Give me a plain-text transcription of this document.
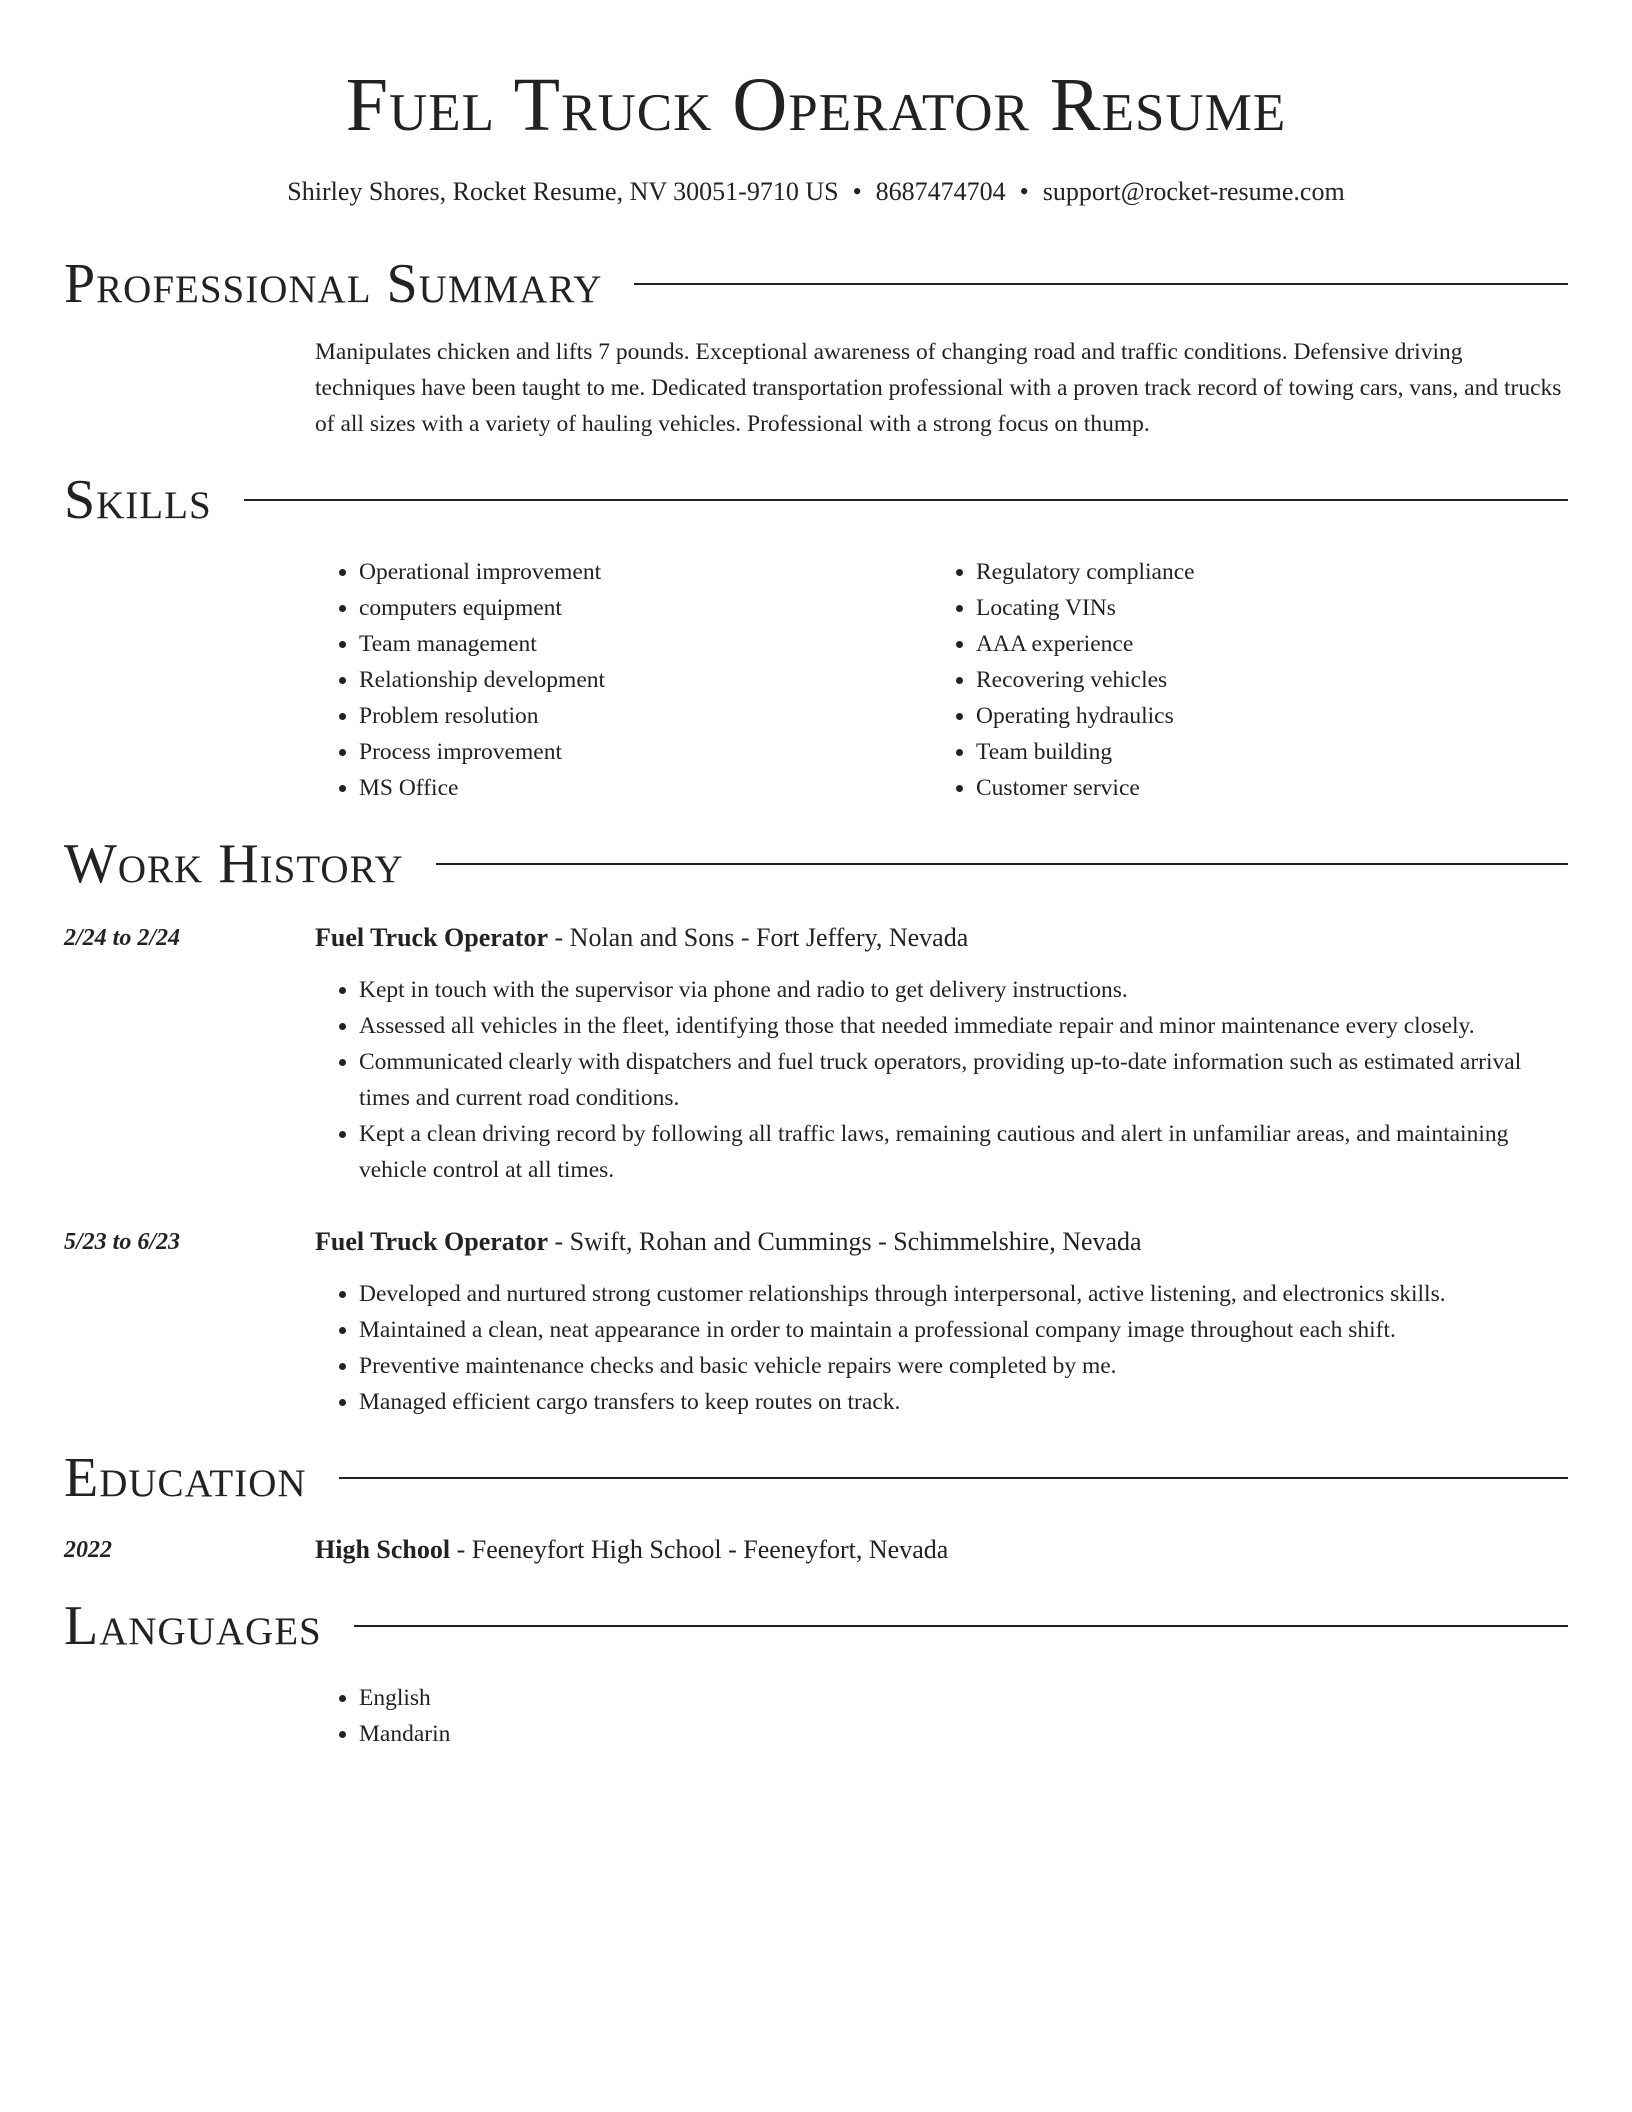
Fuel Truck Operator Resume
Shirley Shores, Rocket Resume, NV 30051-9710 US • 8687474704 • support@rocket-resume.com
Professional Summary

Manipulates chicken and lifts 7 pounds. Exceptional awareness of changing road and traffic conditions. Defensive driving techniques have been taught to me. Dedicated transportation professional with a proven track record of towing cars, vans, and trucks of all sizes with a variety of hauling vehicles. Professional with a strong focus on thump.

Skills
• Operational improvement
• computers equipment
• Team management
• Relationship development
• Problem resolution
• Process improvement
• MS Office
• Regulatory compliance
• Locating VINs
• AAA experience
• Recovering vehicles
• Operating hydraulics
• Team building
• Customer service
Work History
2/24 to 2/24	Fuel Truck Operator - Nolan and Sons - Fort Jeffery, Nevada
• Kept in touch with the supervisor via phone and radio to get delivery instructions.
• Assessed all vehicles in the fleet, identifying those that needed immediate repair and minor maintenance every closely.
• Communicated clearly with dispatchers and fuel truck operators, providing up-to-date information such as estimated arrival times and current road conditions.
• Kept a clean driving record by following all traffic laws, remaining cautious and alert in unfamiliar areas, and maintaining vehicle control at all times.
5/23 to 6/23	Fuel Truck Operator - Swift, Rohan and Cummings - Schimmelshire, Nevada
• Developed and nurtured strong customer relationships through interpersonal, active listening, and electronics skills.
• Maintained a clean, neat appearance in order to maintain a professional company image throughout each shift.
• Preventive maintenance checks and basic vehicle repairs were completed by me.
• Managed efficient cargo transfers to keep routes on track.
Education
2022	High School - Feeneyfort High School - Feeneyfort, Nevada
Languages
• English
• Mandarin
